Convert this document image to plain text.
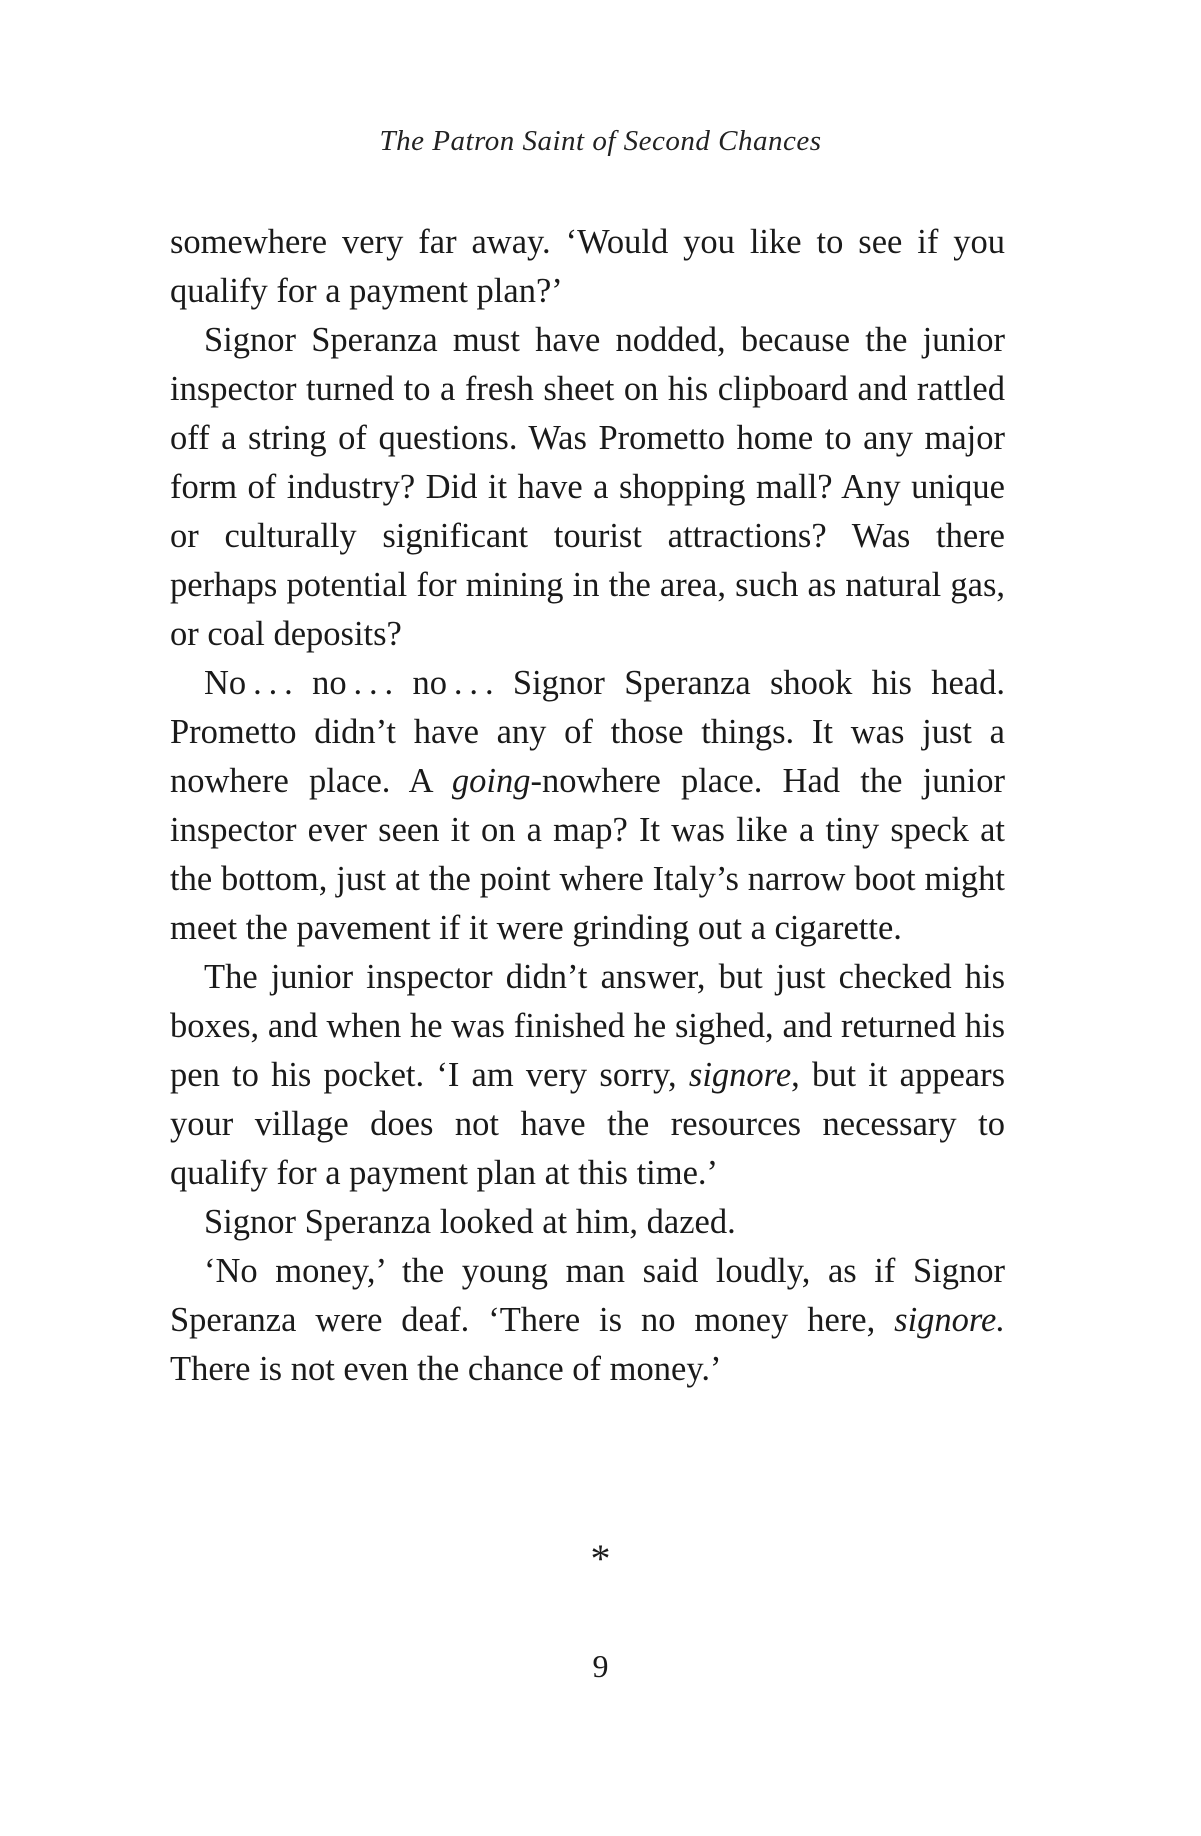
The Patron Saint of Second Chances

somewhere very far away. ‘Would you like to see if you qualify for a payment plan?’

Signor Speranza must have nodded, because the junior inspector turned to a fresh sheet on his clipboard and rattled off a string of questions. Was Prometto home to any major form of industry? Did it have a shopping mall? Any unique or culturally significant tourist attractions? Was there perhaps potential for mining in the area, such as natural gas, or coal deposits?

No . . . no . . . no . . . Signor Speranza shook his head. Prometto didn’t have any of those things. It was just a nowhere place. A going-nowhere place. Had the junior inspector ever seen it on a map? It was like a tiny speck at the bottom, just at the point where Italy’s narrow boot might meet the pavement if it were grinding out a cigarette.

The junior inspector didn’t answer, but just checked his boxes, and when he was finished he sighed, and returned his pen to his pocket. ‘I am very sorry, signore, but it appears your village does not have the resources necessary to qualify for a payment plan at this time.’

Signor Speranza looked at him, dazed.

‘No money,’ the young man said loudly, as if Signor Speranza were deaf. ‘There is no money here, signore. There is not even the chance of money.’

*
9
